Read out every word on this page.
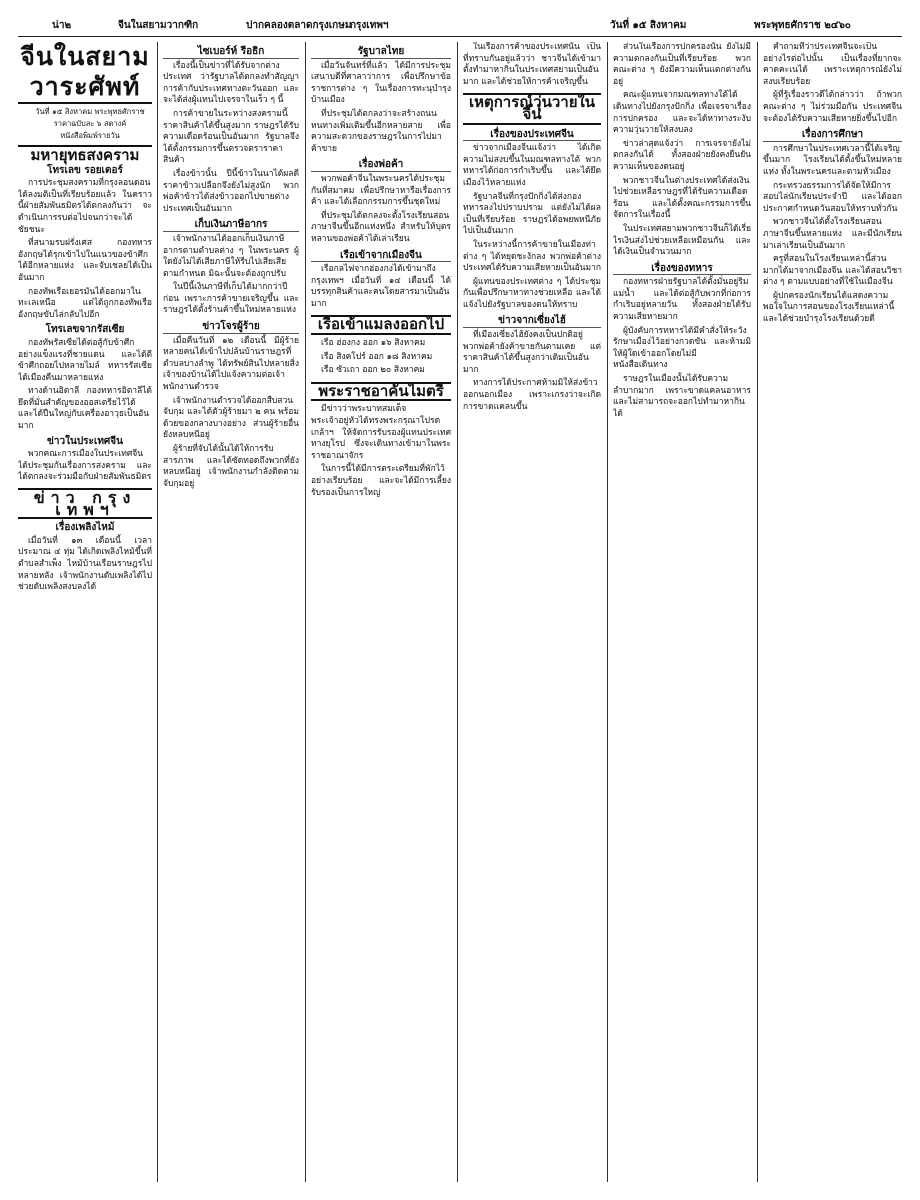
น่า๒	จีนในสยามวากฑิก	ปากคลองตลาดกรุงเกษม
กรุงเทพฯ	วันที่ ๑๕ สิงหาคม	พระพุทธศักราช ๒๔๖๐
จีนในสยามวาระศัพท์

วันที่ ๑๕ สิงหาคม พระพุทธศักราช

ราคาฉบับละ ๖ สตางค์

หนังสือพิมพ์รายวัน

มหายุทธสงคราม
โทรเลข รอยเตอร์

การประชุมสงครามที่กรุงลอนดอน ได้ลงมติเป็นที่เรียบร้อยแล้ว ในคราวนี้ฝ่ายสัมพันธมิตรได้ตกลงกันว่า จะดำเนินการรบต่อไปจนกว่าจะได้ชัยชนะ

ที่สนามรบฝรั่งเศส กองทหารอังกฤษได้รุกเข้าไปในแนวของข้าศึกได้อีกหลายแห่ง และจับเชลยได้เป็นอันมาก

กองทัพเรือเยอรมันได้ออกมาในทะเลเหนือ แต่ได้ถูกกองทัพเรืออังกฤษขับไล่กลับไปอีก

โทรเลขจากรัสเซีย

กองทัพรัสเซียได้ต่อสู้กับข้าศึกอย่างแข็งแรงที่ชายแดน และได้ตีข้าศึกถอยไปหลายไมล์ ทหารรัสเซียได้เมืองคืนมาหลายแห่ง

ทางด้านอิตาลี กองทหารอิตาลีได้ยึดที่มั่นสำคัญของออสเตรียไว้ได้ และได้ปืนใหญ่กับเครื่องอาวุธเป็นอันมาก

ข่าวในประเทศจีน

พวกคณะการเมืองในประเทศจีนได้ประชุมกันเรื่องการสงคราม และได้ตกลงจะร่วมมือกับฝ่ายสัมพันธมิตร

ข่าว กรุง เทพฯ
เรื่องเพลิงไหม้

เมื่อวันที่ ๑๓ เดือนนี้ เวลาประมาณ ๔ ทุ่ม ได้เกิดเพลิงไหม้ขึ้นที่ตำบลสำเพ็ง ไหม้บ้านเรือนราษฎรไปหลายหลัง เจ้าพนักงานดับเพลิงได้ไปช่วยดับเพลิงสงบลงได้

ไซเบอร์ห์ รีอธิก

เรื่องนี้เป็นข่าวที่ได้รับจากต่างประเทศ ว่ารัฐบาลได้ตกลงทำสัญญาการค้ากับประเทศทางตะวันออก และจะได้ส่งผู้แทนไปเจรจาในเร็ว ๆ นี้

การค้าขายในระหว่างสงครามนี้ ราคาสินค้าได้ขึ้นสูงมาก ราษฎรได้รับความเดือดร้อนเป็นอันมาก รัฐบาลจึงได้ตั้งกรรมการขึ้นตรวจตราราคาสินค้า

เรื่องข้าวนั้น ปีนี้ข้าวในนาได้ผลดี ราคาข้าวเปลือกจึงยังไม่สูงนัก พวกพ่อค้าข้าวได้ส่งข้าวออกไปขายต่างประเทศเป็นอันมาก

เก็บเงินภาษีอากร

เจ้าพนักงานได้ออกเก็บเงินภาษีอากรตามตำบลต่าง ๆ ในพระนคร ผู้ใดยังไม่ได้เสียภาษีให้รีบไปเสียเสียตามกำหนด มิฉะนั้นจะต้องถูกปรับ

ในปีนี้เงินภาษีที่เก็บได้มากกว่าปีก่อน เพราะการค้าขายเจริญขึ้น และราษฎรได้ตั้งร้านค้าขึ้นใหม่หลายแห่ง

ข่าวโจรผู้ร้าย

เมื่อคืนวันที่ ๑๒ เดือนนี้ มีผู้ร้ายหลายคนได้เข้าไปปล้นบ้านราษฎรที่ตำบลบางลำพู ได้ทรัพย์สินไปหลายสิ่ง เจ้าของบ้านได้ไปแจ้งความต่อเจ้าพนักงานตำรวจ

เจ้าพนักงานตำรวจได้ออกสืบสวนจับกุม และได้ตัวผู้ร้ายมา ๒ คน พร้อมด้วยของกลางบางอย่าง ส่วนผู้ร้ายอื่นยังหลบหนีอยู่

ผู้ร้ายที่จับได้นั้นได้ให้การรับสารภาพ และได้ซัดทอดถึงพวกที่ยังหลบหนีอยู่ เจ้าพนักงานกำลังติดตามจับกุมอยู่

รัฐบาลไทย

เมื่อวันจันทร์ที่แล้ว ได้มีการประชุมเสนาบดีที่ศาลาว่าการ เพื่อปรึกษาข้อราชการต่าง ๆ ในเรื่องการทะนุบำรุงบ้านเมือง

ที่ประชุมได้ตกลงว่าจะสร้างถนนหนทางเพิ่มเติมขึ้นอีกหลายสาย เพื่อความสะดวกของราษฎรในการไปมาค้าขาย

เรื่องพ่อค้า

พวกพ่อค้าจีนในพระนครได้ประชุมกันที่สมาคม เพื่อปรึกษาหารือเรื่องการค้า และได้เลือกกรรมการขึ้นชุดใหม่

ที่ประชุมได้ตกลงจะตั้งโรงเรียนสอนภาษาจีนขึ้นอีกแห่งหนึ่ง สำหรับให้บุตรหลานของพ่อค้าได้เล่าเรียน

เรือเข้าจากเมืองจีน

เรือกลไฟจากฮ่องกงได้เข้ามาถึงกรุงเทพฯ เมื่อวันที่ ๑๔ เดือนนี้ ได้บรรทุกสินค้าและคนโดยสารมาเป็นอันมาก

เรือเข้าแมลงออกไป

เรือ ฮ่องกง ออก ๑๖ สิงหาคม

เรือ สิงคโปร์ ออก ๑๘ สิงหาคม

เรือ ซัวเถา ออก ๒๐ สิงหาคม

พระราชอาคันไมตรี

มีข่าวว่าพระบาทสมเด็จพระเจ้าอยู่หัวได้ทรงพระกรุณาโปรดเกล้าฯ ให้จัดการรับรองผู้แทนประเทศทางยุโรป ซึ่งจะเดินทางเข้ามาในพระราชอาณาจักร

ในการนี้ได้มีการตระเตรียมที่พักไว้อย่างเรียบร้อย และจะได้มีการเลี้ยงรับรองเป็นการใหญ่

ในเรื่องการค้าของประเทศนั้น เป็นที่ทราบกันอยู่แล้วว่า ชาวจีนได้เข้ามาตั้งทำมาหากินในประเทศสยามเป็นอันมาก และได้ช่วยให้การค้าเจริญขึ้น

เหตุการณ์วุ่นวายในจีน
เรื่องของประเทศจีน

ข่าวจากเมืองจีนแจ้งว่า ได้เกิดความไม่สงบขึ้นในมณฑลทางใต้ พวกทหารได้ก่อการกำเริบขึ้น และได้ยึดเมืองไว้หลายแห่ง

รัฐบาลจีนที่กรุงปักกิ่งได้ส่งกองทหารลงไปปราบปราม แต่ยังไม่ได้ผลเป็นที่เรียบร้อย ราษฎรได้อพยพหนีภัยไปเป็นอันมาก

ในระหว่างนี้การค้าขายในเมืองท่าต่าง ๆ ได้หยุดชะงักลง พวกพ่อค้าต่างประเทศได้รับความเสียหายเป็นอันมาก

ผู้แทนของประเทศต่าง ๆ ได้ประชุมกันเพื่อปรึกษาหาทางช่วยเหลือ และได้แจ้งไปยังรัฐบาลของตนให้ทราบ

ข่าวจากเซี่ยงไฮ้

ที่เมืองเซี่ยงไฮ้ยังคงเป็นปกติอยู่ พวกพ่อค้ายังค้าขายกันตามเคย แต่ราคาสินค้าได้ขึ้นสูงกว่าเดิมเป็นอันมาก

ทางการได้ประกาศห้ามมิให้ส่งข้าวออกนอกเมือง เพราะเกรงว่าจะเกิดการขาดแคลนขึ้น

ส่วนในเรื่องการปกครองนั้น ยังไม่มีความตกลงกันเป็นที่เรียบร้อย พวกคณะต่าง ๆ ยังมีความเห็นแตกต่างกันอยู่

คณะผู้แทนจากมณฑลทางใต้ได้เดินทางไปยังกรุงปักกิ่ง เพื่อเจรจาเรื่องการปกครอง และจะได้หาทางระงับความวุ่นวายให้สงบลง

ข่าวล่าสุดแจ้งว่า การเจรจายังไม่ตกลงกันได้ ทั้งสองฝ่ายยังคงยืนยันความเห็นของตนอยู่

พวกชาวจีนในต่างประเทศได้ส่งเงินไปช่วยเหลือราษฎรที่ได้รับความเดือดร้อน และได้ตั้งคณะกรรมการขึ้นจัดการในเรื่องนี้

ในประเทศสยามพวกชาวจีนก็ได้เรี่ยไรเงินส่งไปช่วยเหลือเหมือนกัน และได้เงินเป็นจำนวนมาก

เรื่องของทหาร

กองทหารฝ่ายรัฐบาลได้ตั้งมั่นอยู่ริมแม่น้ำ และได้ต่อสู้กับพวกที่ก่อการกำเริบอยู่หลายวัน ทั้งสองฝ่ายได้รับความเสียหายมาก

ผู้บังคับการทหารได้มีคำสั่งให้ระวังรักษาเมืองไว้อย่างกวดขัน และห้ามมิให้ผู้ใดเข้าออกโดยไม่มีหนังสือเดินทาง

ราษฎรในเมืองนั้นได้รับความลำบากมาก เพราะขาดแคลนอาหาร และไม่สามารถจะออกไปทำมาหากินได้

คำถามที่ว่าประเทศจีนจะเป็นอย่างไรต่อไปนั้น เป็นเรื่องที่ยากจะคาดคะเนได้ เพราะเหตุการณ์ยังไม่สงบเรียบร้อย

ผู้ที่รู้เรื่องราวดีได้กล่าวว่า ถ้าพวกคณะต่าง ๆ ไม่ร่วมมือกัน ประเทศจีนจะต้องได้รับความเสียหายยิ่งขึ้นไปอีก

เรื่องการศึกษา

การศึกษาในประเทศเวลานี้ได้เจริญขึ้นมาก โรงเรียนได้ตั้งขึ้นใหม่หลายแห่ง ทั้งในพระนครและตามหัวเมือง

กระทรวงธรรมการได้จัดให้มีการสอบไล่นักเรียนประจำปี และได้ออกประกาศกำหนดวันสอบให้ทราบทั่วกัน

พวกชาวจีนได้ตั้งโรงเรียนสอนภาษาจีนขึ้นหลายแห่ง และมีนักเรียนมาเล่าเรียนเป็นอันมาก

ครูที่สอนในโรงเรียนเหล่านี้ส่วนมากได้มาจากเมืองจีน และได้สอนวิชาต่าง ๆ ตามแบบอย่างที่ใช้ในเมืองจีน

ผู้ปกครองนักเรียนได้แสดงความพอใจในการสอนของโรงเรียนเหล่านี้ และได้ช่วยบำรุงโรงเรียนด้วยดี
